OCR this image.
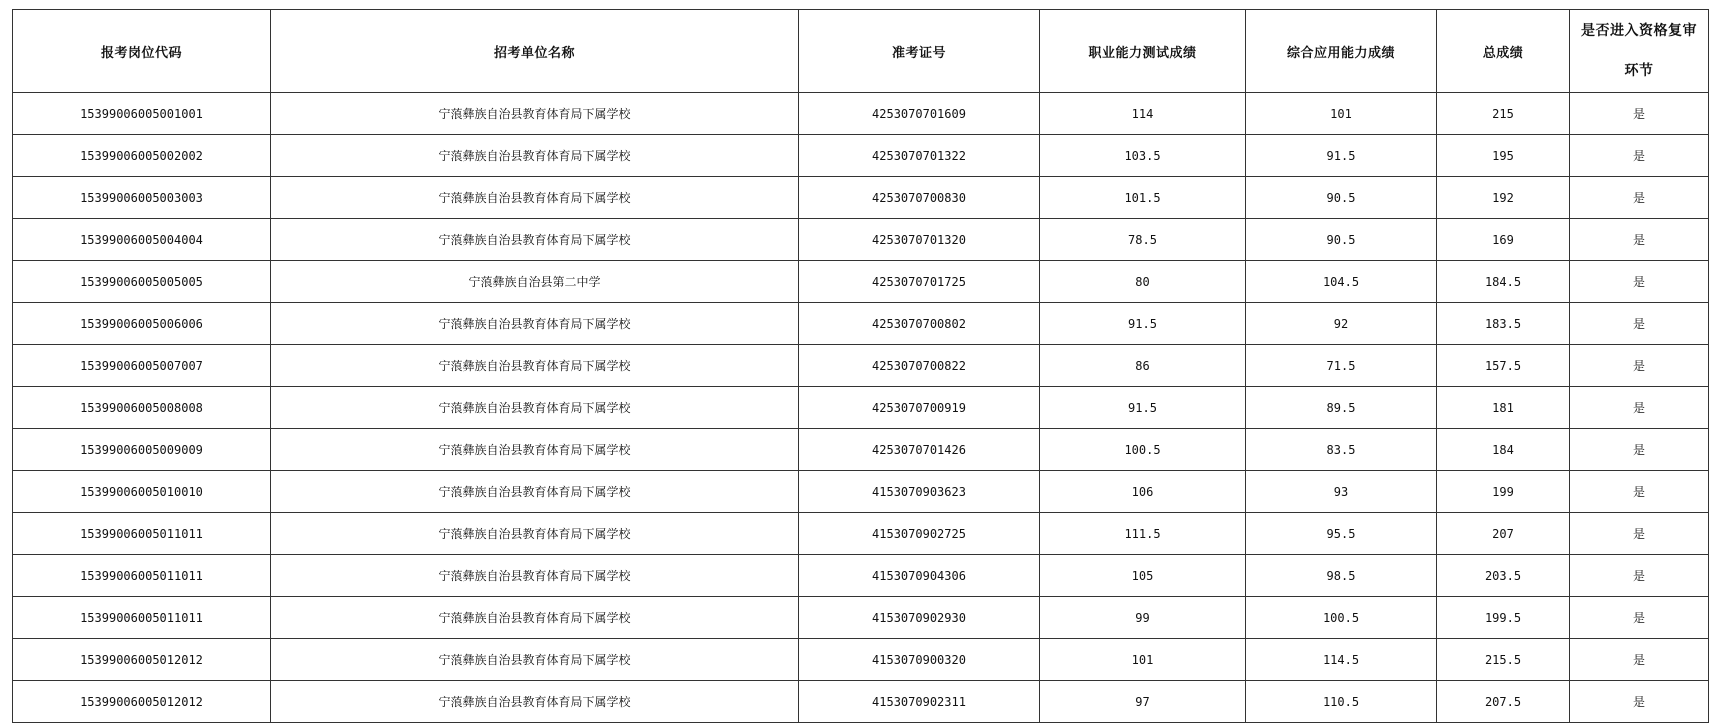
报考岗位代码	招考单位名称	准考证号	职业能力测试成绩	综合应用能力成绩	总成绩	是否进入资格复审环节
15399006005001001	宁蒗彝族自治县教育体育局下属学校	4253070701609	114	101	215	是
15399006005002002	宁蒗彝族自治县教育体育局下属学校	4253070701322	103.5	91.5	195	是
15399006005003003	宁蒗彝族自治县教育体育局下属学校	4253070700830	101.5	90.5	192	是
15399006005004004	宁蒗彝族自治县教育体育局下属学校	4253070701320	78.5	90.5	169	是
15399006005005005	宁蒗彝族自治县第二中学	4253070701725	80	104.5	184.5	是
15399006005006006	宁蒗彝族自治县教育体育局下属学校	4253070700802	91.5	92	183.5	是
15399006005007007	宁蒗彝族自治县教育体育局下属学校	4253070700822	86	71.5	157.5	是
15399006005008008	宁蒗彝族自治县教育体育局下属学校	4253070700919	91.5	89.5	181	是
15399006005009009	宁蒗彝族自治县教育体育局下属学校	4253070701426	100.5	83.5	184	是
15399006005010010	宁蒗彝族自治县教育体育局下属学校	4153070903623	106	93	199	是
15399006005011011	宁蒗彝族自治县教育体育局下属学校	4153070902725	111.5	95.5	207	是
15399006005011011	宁蒗彝族自治县教育体育局下属学校	4153070904306	105	98.5	203.5	是
15399006005011011	宁蒗彝族自治县教育体育局下属学校	4153070902930	99	100.5	199.5	是
15399006005012012	宁蒗彝族自治县教育体育局下属学校	4153070900320	101	114.5	215.5	是
15399006005012012	宁蒗彝族自治县教育体育局下属学校	4153070902311	97	110.5	207.5	是
